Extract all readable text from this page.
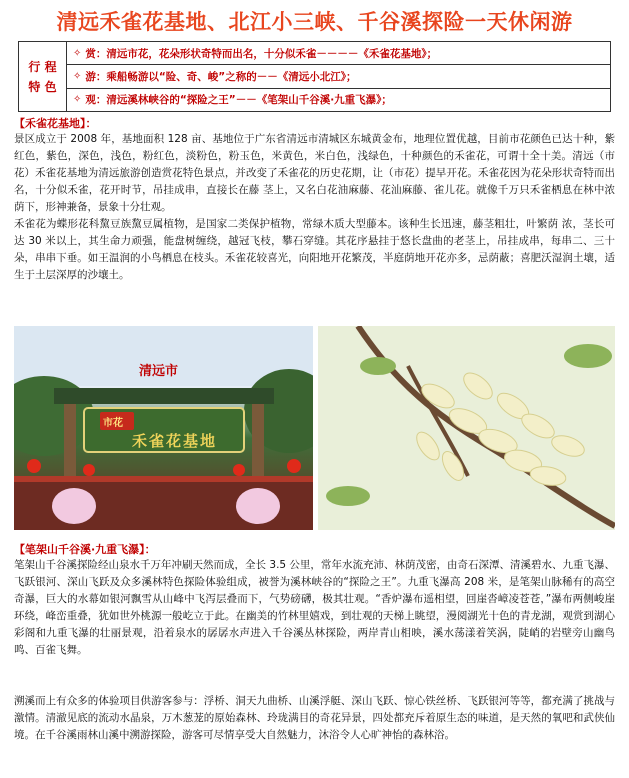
清远禾雀花基地、北江小三峡、千谷溪探险一天休闲游
行 程
特 色
✧ 赏：清远市花，花朵形状奇特而出名，十分似禾雀－－－－《禾雀花基地》；
✧ 游：乘船畅游以“险、奇、峻”之称的－－《清远小北江》；
✧ 观：清远溪林峡谷的“探险之王”－－《笔架山千谷溪·九重飞瀑》；
【禾雀花基地】：

景区成立于 2008 年，基地面积 128 亩、基地位于广东省清远市清城区东城黄金布，地理位置优越，目前市花颜色已达十种，紫红色，紫色，深色，浅色，粉红色，淡粉色，粉玉色，米黄色，米白色，浅绿色，十种颜色的禾雀花，可谓十全十美。清远（市花）禾雀花基地为清远旅游创造赏花特色景点，并改变了禾雀花的历史花期，让（市花）提早开花。禾雀花因为花朵形状奇特而出名，十分似禾雀，花开时节，吊挂成串，直接长在藤 茎上，又名白花油麻藤、花汕麻藤、雀儿花。就像千万只禾雀栖息在林中浓荫下，形神兼备，景象十分壮观。

禾雀花为蝶形花科黧豆族黧豆属植物，是国家二类保护植物，常绿木质大型藤本。该种生长迅速，藤茎粗壮，叶繁荫 浓，茎长可达 30 米以上，其生命力顽强，能盘树缠绕，越冠飞枝，攀石穿缝。其花序悬挂于悠长盘曲的老茎上，吊挂成串，每串二、三十朵，串串下垂。如王温润的小鸟栖息在枝头。禾雀花较喜光，向阳地开花繁茂，半庭荫地开花亦多，忌荫蔽；喜肥沃湿润土壤，适生于土层深厚的沙壤土。

清远市
市花
禾雀花基地
【笔架山千谷溪·九重飞瀑】：

笔架山千谷溪探险经山泉水千万年冲刷天然而成，全长 3.5 公里，常年水流充沛、林荫茂密，由奇石深潭、清溪碧水、九重飞瀑、飞跃银河、深山飞跃及众多溪林特色探险体验组成，被誉为溪林峡谷的“探险之王”。九重飞瀑高 208 米，是笔架山脉稀有的高空奇瀑，巨大的水幕如银河飘雪从山峰中飞泻层叠而下，气势磅礴，极其壮观。“香炉瀑布遥相望，回崖沓嶂凌苍苍，”瀑布两侧峻崖环绕，峰峦重叠，犹如世外桃源一般屹立于此。在幽美的竹林里嬉戏，到壮观的天梯上眺望，漫阅湖光十色的青龙湖，观赏到湖心彩阁和九重飞瀑的壮丽景观，沿着泉水的孱孱水声进入千谷溪丛林探险，两岸青山相映，溪水荡漾着笑涡，陡峭的岩壁旁山幽鸟鸣、百雀飞舞。

溯溪而上有众多的体验项目供游客参与：浮桥、洞天九曲桥、山溪浮艇、深山飞跃、惊心铁丝桥、飞跃银河等等，都充满了挑战与激情。清澈见底的流动水晶泉，万木葱茏的原始森林、玲珑满目的奇花异景，四处都充斥着原生态的味道，是天然的氧吧和武侠仙境。在千谷溪雨林山溪中溯游探险，游客可尽情享受大自然魅力，沐浴令人心旷神怡的森林浴。
